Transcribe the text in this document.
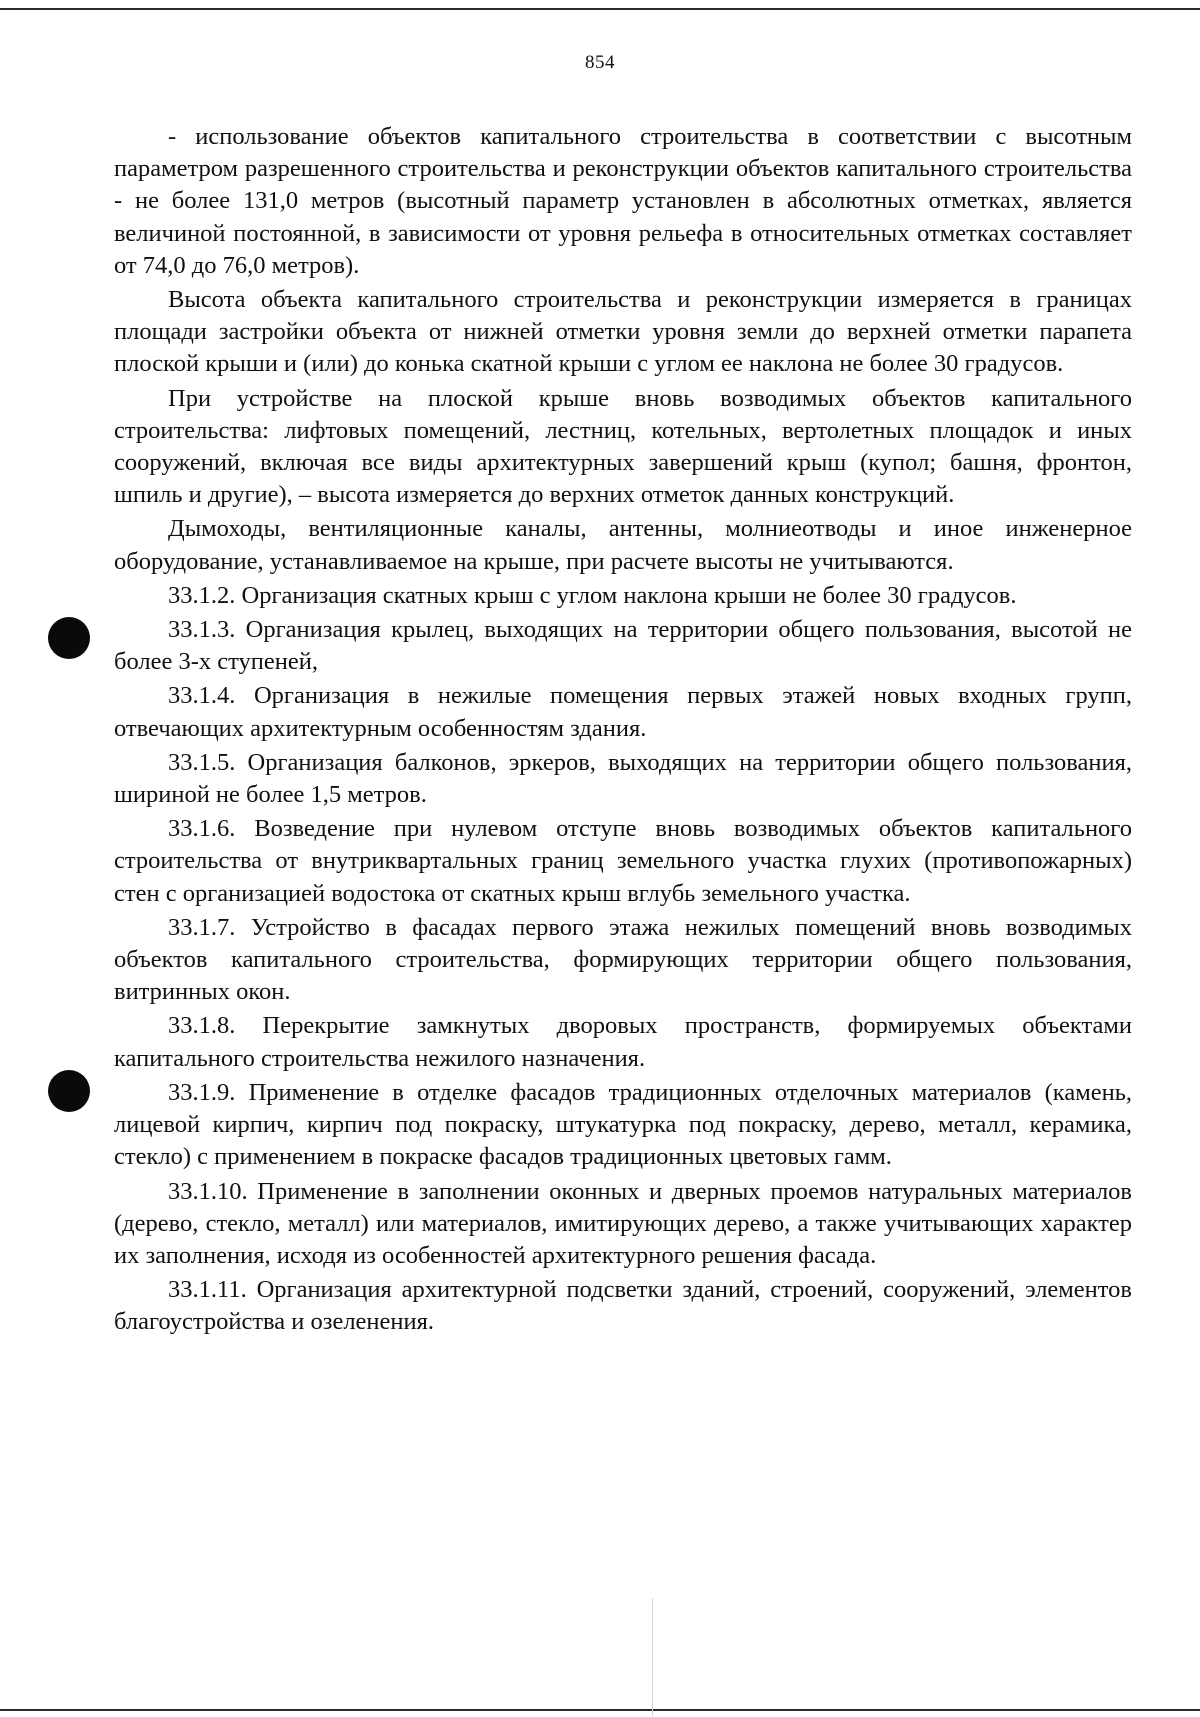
854

- использование объектов капитального строительства в соответствии с высотным параметром разрешенного строительства и реконструкции объектов капитального строительства - не более 131,0 метров (высотный параметр установлен в абсолютных отметках, является величиной постоянной, в зависимости от уровня рельефа в относительных отметках составляет от 74,0 до 76,0 метров).

Высота объекта капитального строительства и реконструкции измеряется в границах площади застройки объекта от нижней отметки уровня земли до верхней отметки парапета плоской крыши и (или) до конька скатной крыши с углом ее наклона не более 30 градусов.

При устройстве на плоской крыше вновь возводимых объектов капитального строительства: лифтовых помещений, лестниц, котельных, вертолетных площадок и иных сооружений, включая все виды архитектурных завершений крыш (купол; башня, фронтон, шпиль и другие), – высота измеряется до верхних отметок данных конструкций.

Дымоходы, вентиляционные каналы, антенны, молниеотводы и иное инженерное оборудование, устанавливаемое на крыше, при расчете высоты не учитываются.

33.1.2. Организация скатных крыш с углом наклона крыши не более 30 градусов.

33.1.3. Организация крылец, выходящих на территории общего пользования, высотой не более 3-х ступеней,

33.1.4. Организация в нежилые помещения первых этажей новых входных групп, отвечающих архитектурным особенностям здания.

33.1.5. Организация балконов, эркеров, выходящих на территории общего пользования, шириной не более 1,5 метров.

33.1.6. Возведение при нулевом отступе вновь возводимых объектов капитального строительства от внутриквартальных границ земельного участка глухих (противопожарных) стен с организацией водостока от скатных крыш вглубь земельного участка.

33.1.7. Устройство в фасадах первого этажа нежилых помещений вновь возводимых объектов капитального строительства, формирующих территории общего пользования, витринных окон.

33.1.8. Перекрытие замкнутых дворовых пространств, формируемых объектами капитального строительства нежилого назначения.

33.1.9. Применение в отделке фасадов традиционных отделочных материалов (камень, лицевой кирпич, кирпич под покраску, штукатурка под покраску, дерево, металл, керамика, стекло) с применением в покраске фасадов традиционных цветовых гамм.

33.1.10. Применение в заполнении оконных и дверных проемов натуральных материалов (дерево, стекло, металл) или материалов, имитирующих дерево, а также учитывающих характер их заполнения, исходя из особенностей архитектурного решения фасада.

33.1.11. Организация архитектурной подсветки зданий, строений, сооружений, элементов благоустройства и озеленения.
